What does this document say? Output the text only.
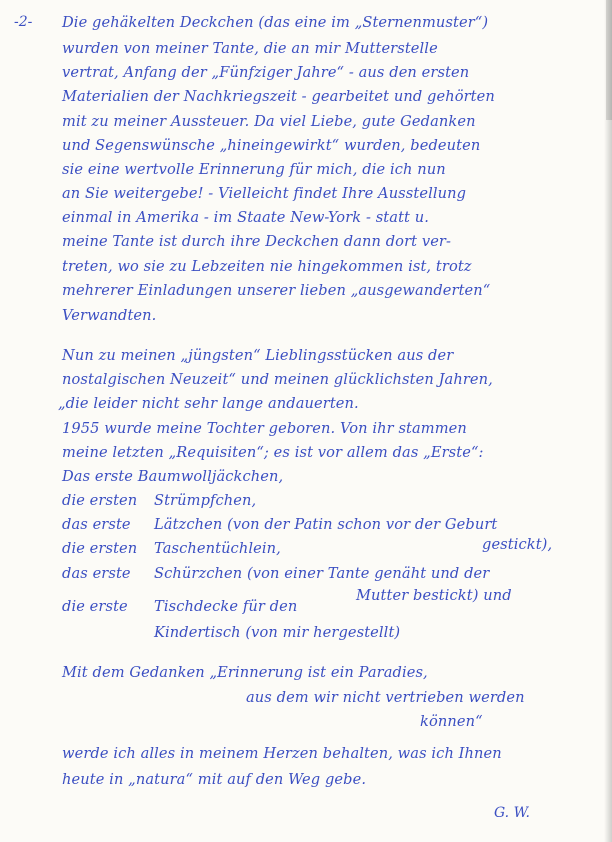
-2- Die gehäkelten Deckchen (das eine im „Sternenmuster“)
wurden von meiner Tante, die an mir Mutterstelle
vertrat, Anfang der „Fünfziger Jahre“ - aus den ersten
Materialien der Nachkriegszeit - gearbeitet und gehörten
mit zu meiner Aussteuer. Da viel Liebe, gute Gedanken
und Segenswünsche „hineingewirkt“ wurden, bedeuten
sie eine wertvolle Erinnerung für mich, die ich nun
an Sie weitergebe! - Vielleicht findet Ihre Ausstellung
einmal in Amerika - im Staate New-York - statt u.
meine Tante ist durch ihre Deckchen dann dort ver-
treten, wo sie zu Lebzeiten nie hingekommen ist, trotz
mehrerer Einladungen unserer lieben „ausgewanderten“
Verwandten.
Nun zu meinen „jüngsten“ Lieblingsstücken aus der
nostalgischen Neuzeit“ und meinen glücklichsten Jahren,
„die leider nicht sehr lange andauerten.
1955 wurde meine Tochter geboren. Von ihr stammen
meine letzten „Requisiten“; es ist vor allem das „Erste“:
Das erste Baumwolljäckchen,
die ersten Strümpfchen,
das erste Lätzchen (von der Patin schon vor der Geburt
die ersten Taschentüchlein,	gestickt),
das erste Schürzchen (von einer Tante genäht und der
Mutter bestickt) und
die erste Tischdecke für den
Kindertisch (von mir hergestellt)
Mit dem Gedanken „Erinnerung ist ein Paradies,
aus dem wir nicht vertrieben werden
können“
werde ich alles in meinem Herzen behalten, was ich Ihnen
heute in „natura“ mit auf den Weg gebe.
G. W.
